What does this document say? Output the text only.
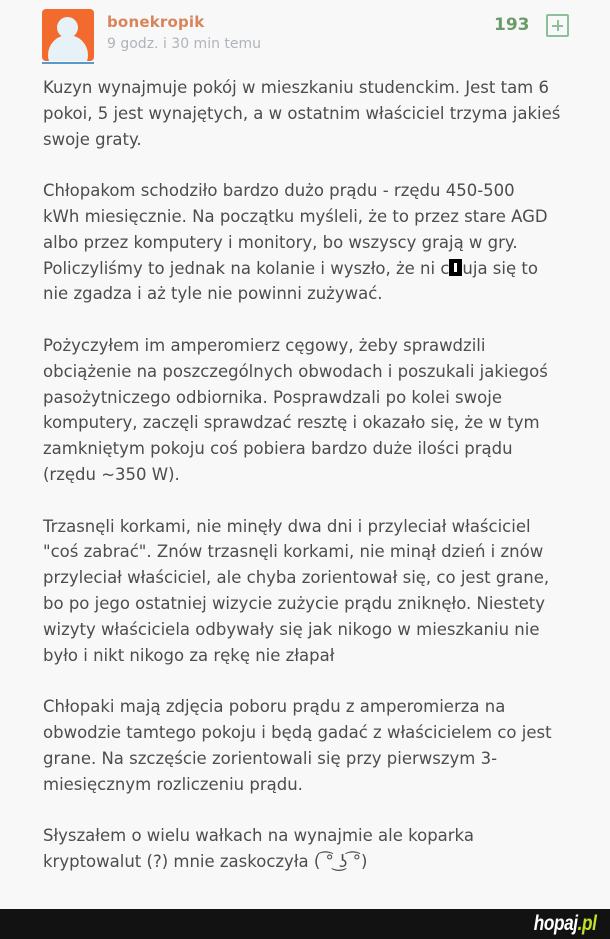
bonekropik
9 godz. i 30 min temu
193
Kuzyn wynajmuje pokój w mieszkaniu studenckim. Jest tam 6
pokoi, 5 jest wynajętych, a w ostatnim właściciel trzyma jakieś
swoje graty.
Chłopakom schodziło bardzo dużo prądu - rzędu 450-500
kWh miesięcznie. Na początku myśleli, że to przez stare AGD
albo przez komputery i monitory, bo wszyscy grają w gry.
Policzyliśmy to jednak na kolanie i wyszło, że ni c uja się to
nie zgadza i aż tyle nie powinni zużywać.
Pożyczyłem im amperomierz cęgowy, żeby sprawdzili
obciążenie na poszczególnych obwodach i poszukali jakiegoś
pasożytniczego odbiornika. Posprawdzali po kolei swoje
komputery, zaczęli sprawdzać resztę i okazało się, że w tym
zamkniętym pokoju coś pobiera bardzo duże ilości prądu
(rzędu ~350 W).
Trzasnęli korkami, nie minęły dwa dni i przyleciał właściciel
"coś zabrać". Znów trzasnęli korkami, nie minął dzień i znów
przyleciał właściciel, ale chyba zorientował się, co jest grane,
bo po jego ostatniej wizycie zużycie prądu zniknęło. Niestety
wizyty właściciela odbywały się jak nikogo w mieszkaniu nie
było i nikt nikogo za rękę nie złapał
Chłopaki mają zdjęcia poboru prądu z amperomierza na
obwodzie tamtego pokoju i będą gadać z właścicielem co jest
grane. Na szczęście zorientowali się przy pierwszym 3-
miesięcznym rozliczeniu prądu.
Słyszałem o wielu wałkach na wynajmie ale koparka
kryptowalut (?) mnie zaskoczyła ( ͡° ͜ʖ ͡°)
hopaj.pl
